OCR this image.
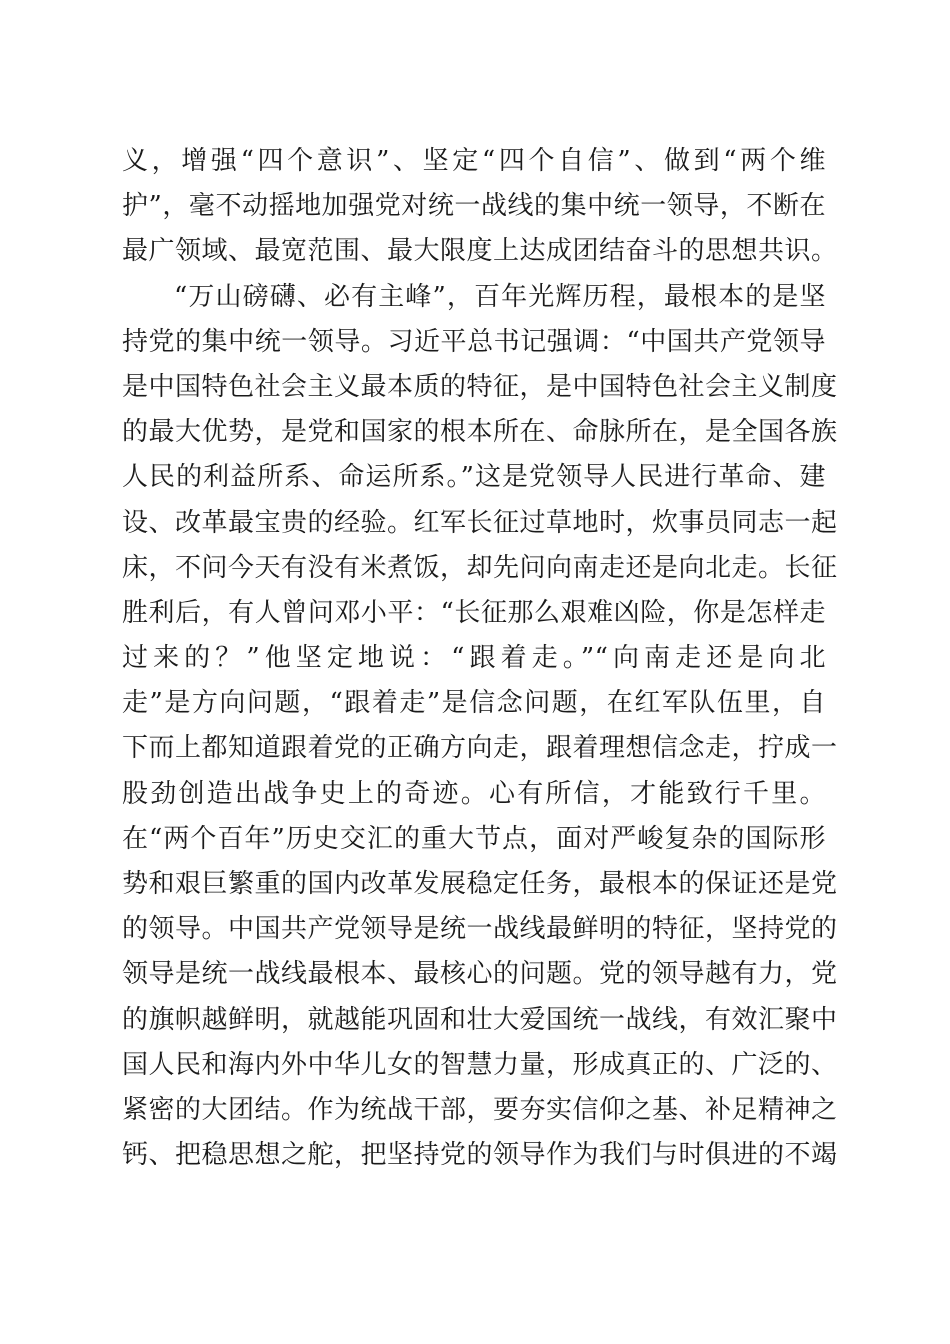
义，增强“四个意识”、坚定“四个自信”、做到“两个维
护”，毫不动摇地加强党对统一战线的集中统一领导，不断在
最广领域、最宽范围、最大限度上达成团结奋斗的思想共识。
“万山磅礴、必有主峰”，百年光辉历程，最根本的是坚
持党的集中统一领导。习近平总书记强调：“中国共产党领导
是中国特色社会主义最本质的特征，是中国特色社会主义制度
的最大优势，是党和国家的根本所在、命脉所在，是全国各族
人民的利益所系、命运所系。”这是党领导人民进行革命、建
设、改革最宝贵的经验。红军长征过草地时，炊事员同志一起
床，不问今天有没有米煮饭，却先问向南走还是向北走。长征
胜利后，有人曾问邓小平：“长征那么艰难凶险，你是怎样走
过来的？”他坚定地说：“跟着走。”“向南走还是向北
走”是方向问题，“跟着走”是信念问题，在红军队伍里，自
下而上都知道跟着党的正确方向走，跟着理想信念走，拧成一
股劲创造出战争史上的奇迹。心有所信，才能致行千里。
在“两个百年”历史交汇的重大节点，面对严峻复杂的国际形
势和艰巨繁重的国内改革发展稳定任务，最根本的保证还是党
的领导。中国共产党领导是统一战线最鲜明的特征，坚持党的
领导是统一战线最根本、最核心的问题。党的领导越有力，党
的旗帜越鲜明，就越能巩固和壮大爱国统一战线，有效汇聚中
国人民和海内外中华儿女的智慧力量，形成真正的、广泛的、
紧密的大团结。作为统战干部，要夯实信仰之基、补足精神之
钙、把稳思想之舵，把坚持党的领导作为我们与时俱进的不竭
